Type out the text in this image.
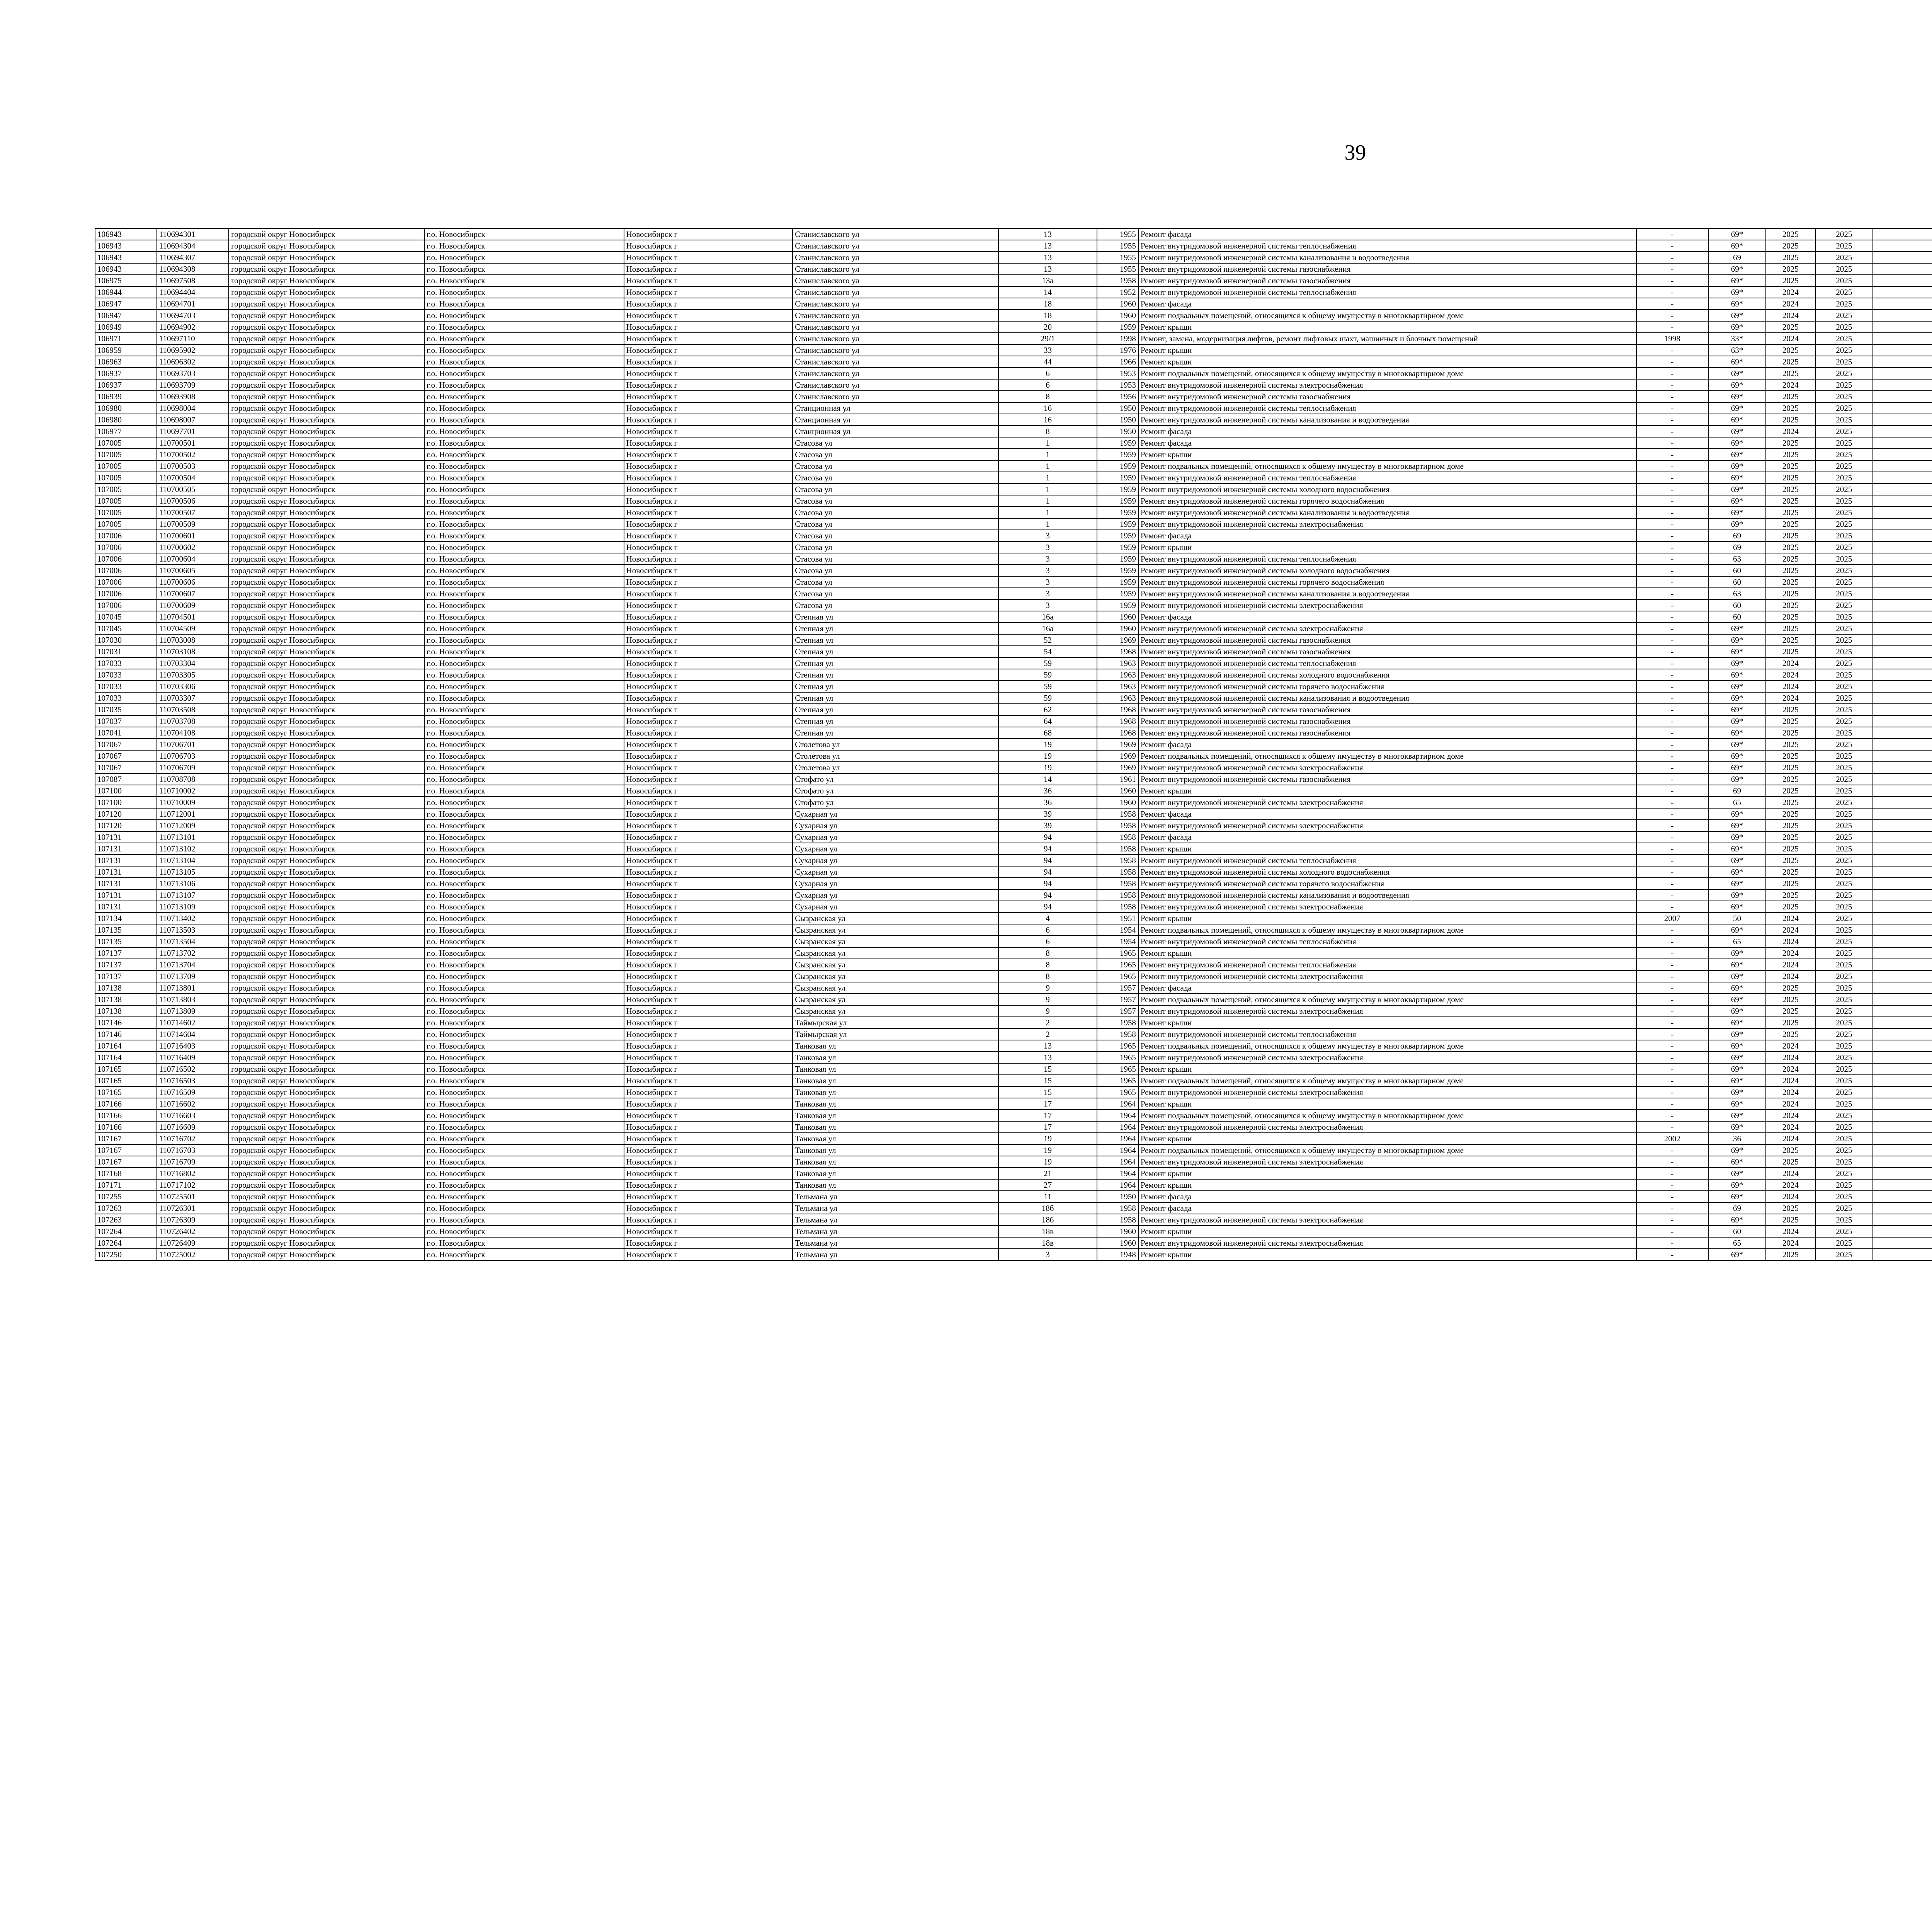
39
106943	110694301	городской округ Новосибирск	г.о. Новосибирск	Новосибирск г	Станиславского ул	13	1955	Ремонт фасада	-	69*	2025	2025							
106943	110694304	городской округ Новосибирск	г.о. Новосибирск	Новосибирск г	Станиславского ул	13	1955	Ремонт внутридомовой инженерной системы теплоснабжения	-	69*	2025	2025							
106943	110694307	городской округ Новосибирск	г.о. Новосибирск	Новосибирск г	Станиславского ул	13	1955	Ремонт внутридомовой инженерной системы канализования и водоотведения	-	69	2025	2025							
106943	110694308	городской округ Новосибирск	г.о. Новосибирск	Новосибирск г	Станиславского ул	13	1955	Ремонт внутридомовой инженерной системы газоснабжения	-	69*	2025	2025							
106975	110697508	городской округ Новосибирск	г.о. Новосибирск	Новосибирск г	Станиславского ул	13а	1958	Ремонт внутридомовой инженерной системы газоснабжения	-	69*	2025	2025							
106944	110694404	городской округ Новосибирск	г.о. Новосибирск	Новосибирск г	Станиславского ул	14	1952	Ремонт внутридомовой инженерной системы теплоснабжения	-	69*	2024	2025							
106947	110694701	городской округ Новосибирск	г.о. Новосибирск	Новосибирск г	Станиславского ул	18	1960	Ремонт фасада	-	69*	2024	2025							
106947	110694703	городской округ Новосибирск	г.о. Новосибирск	Новосибирск г	Станиславского ул	18	1960	Ремонт подвальных помещений, относящихся к общему имуществу в многоквартирном доме	-	69*	2024	2025							
106949	110694902	городской округ Новосибирск	г.о. Новосибирск	Новосибирск г	Станиславского ул	20	1959	Ремонт крыши	-	69*	2025	2025							
106971	110697110	городской округ Новосибирск	г.о. Новосибирск	Новосибирск г	Станиславского ул	29/1	1998	Ремонт, замена, модернизация лифтов, ремонт лифтовых шахт, машинных и блочных помещений	1998	33*	2024	2025							
106959	110695902	городской округ Новосибирск	г.о. Новосибирск	Новосибирск г	Станиславского ул	33	1976	Ремонт крыши	-	63*	2025	2025							
106963	110696302	городской округ Новосибирск	г.о. Новосибирск	Новосибирск г	Станиславского ул	44	1966	Ремонт крыши	-	69*	2025	2025							
106937	110693703	городской округ Новосибирск	г.о. Новосибирск	Новосибирск г	Станиславского ул	6	1953	Ремонт подвальных помещений, относящихся к общему имуществу в многоквартирном доме	-	69*	2025	2025							
106937	110693709	городской округ Новосибирск	г.о. Новосибирск	Новосибирск г	Станиславского ул	6	1953	Ремонт внутридомовой инженерной системы электроснабжения	-	69*	2024	2025							
106939	110693908	городской округ Новосибирск	г.о. Новосибирск	Новосибирск г	Станиславского ул	8	1956	Ремонт внутридомовой инженерной системы газоснабжения	-	69*	2025	2025							
106980	110698004	городской округ Новосибирск	г.о. Новосибирск	Новосибирск г	Станционная ул	16	1950	Ремонт внутридомовой инженерной системы теплоснабжения	-	69*	2025	2025							
106980	110698007	городской округ Новосибирск	г.о. Новосибирск	Новосибирск г	Станционная ул	16	1950	Ремонт внутридомовой инженерной системы канализования и водоотведения	-	69*	2025	2025							
106977	110697701	городской округ Новосибирск	г.о. Новосибирск	Новосибирск г	Станционная ул	8	1950	Ремонт фасада	-	69*	2024	2025							
107005	110700501	городской округ Новосибирск	г.о. Новосибирск	Новосибирск г	Стасова ул	1	1959	Ремонт фасада	-	69*	2025	2025							
107005	110700502	городской округ Новосибирск	г.о. Новосибирск	Новосибирск г	Стасова ул	1	1959	Ремонт крыши	-	69*	2025	2025							
107005	110700503	городской округ Новосибирск	г.о. Новосибирск	Новосибирск г	Стасова ул	1	1959	Ремонт подвальных помещений, относящихся к общему имуществу в многоквартирном доме	-	69*	2025	2025							
107005	110700504	городской округ Новосибирск	г.о. Новосибирск	Новосибирск г	Стасова ул	1	1959	Ремонт внутридомовой инженерной системы теплоснабжения	-	69*	2025	2025							
107005	110700505	городской округ Новосибирск	г.о. Новосибирск	Новосибирск г	Стасова ул	1	1959	Ремонт внутридомовой инженерной системы холодного водоснабжения	-	69*	2025	2025							
107005	110700506	городской округ Новосибирск	г.о. Новосибирск	Новосибирск г	Стасова ул	1	1959	Ремонт внутридомовой инженерной системы горячего водоснабжения	-	69*	2025	2025							
107005	110700507	городской округ Новосибирск	г.о. Новосибирск	Новосибирск г	Стасова ул	1	1959	Ремонт внутридомовой инженерной системы канализования и водоотведения	-	69*	2025	2025							
107005	110700509	городской округ Новосибирск	г.о. Новосибирск	Новосибирск г	Стасова ул	1	1959	Ремонт внутридомовой инженерной системы электроснабжения	-	69*	2025	2025							
107006	110700601	городской округ Новосибирск	г.о. Новосибирск	Новосибирск г	Стасова ул	3	1959	Ремонт фасада	-	69	2025	2025							
107006	110700602	городской округ Новосибирск	г.о. Новосибирск	Новосибирск г	Стасова ул	3	1959	Ремонт крыши	-	69	2025	2025							
107006	110700604	городской округ Новосибирск	г.о. Новосибирск	Новосибирск г	Стасова ул	3	1959	Ремонт внутридомовой инженерной системы теплоснабжения	-	63	2025	2025							
107006	110700605	городской округ Новосибирск	г.о. Новосибирск	Новосибирск г	Стасова ул	3	1959	Ремонт внутридомовой инженерной системы холодного водоснабжения	-	60	2025	2025							
107006	110700606	городской округ Новосибирск	г.о. Новосибирск	Новосибирск г	Стасова ул	3	1959	Ремонт внутридомовой инженерной системы горячего водоснабжения	-	60	2025	2025							
107006	110700607	городской округ Новосибирск	г.о. Новосибирск	Новосибирск г	Стасова ул	3	1959	Ремонт внутридомовой инженерной системы канализования и водоотведения	-	63	2025	2025							
107006	110700609	городской округ Новосибирск	г.о. Новосибирск	Новосибирск г	Стасова ул	3	1959	Ремонт внутридомовой инженерной системы электроснабжения	-	60	2025	2025							
107045	110704501	городской округ Новосибирск	г.о. Новосибирск	Новосибирск г	Степная ул	16а	1960	Ремонт фасада	-	60	2025	2025							
107045	110704509	городской округ Новосибирск	г.о. Новосибирск	Новосибирск г	Степная ул	16а	1960	Ремонт внутридомовой инженерной системы электроснабжения	-	69*	2025	2025							
107030	110703008	городской округ Новосибирск	г.о. Новосибирск	Новосибирск г	Степная ул	52	1969	Ремонт внутридомовой инженерной системы газоснабжения	-	69*	2025	2025							
107031	110703108	городской округ Новосибирск	г.о. Новосибирск	Новосибирск г	Степная ул	54	1968	Ремонт внутридомовой инженерной системы газоснабжения	-	69*	2025	2025							
107033	110703304	городской округ Новосибирск	г.о. Новосибирск	Новосибирск г	Степная ул	59	1963	Ремонт внутридомовой инженерной системы теплоснабжения	-	69*	2024	2025							
107033	110703305	городской округ Новосибирск	г.о. Новосибирск	Новосибирск г	Степная ул	59	1963	Ремонт внутридомовой инженерной системы холодного водоснабжения	-	69*	2024	2025							
107033	110703306	городской округ Новосибирск	г.о. Новосибирск	Новосибирск г	Степная ул	59	1963	Ремонт внутридомовой инженерной системы горячего водоснабжения	-	69*	2024	2025							
107033	110703307	городской округ Новосибирск	г.о. Новосибирск	Новосибирск г	Степная ул	59	1963	Ремонт внутридомовой инженерной системы канализования и водоотведения	-	69*	2024	2025							
107035	110703508	городской округ Новосибирск	г.о. Новосибирск	Новосибирск г	Степная ул	62	1968	Ремонт внутридомовой инженерной системы газоснабжения	-	69*	2025	2025							
107037	110703708	городской округ Новосибирск	г.о. Новосибирск	Новосибирск г	Степная ул	64	1968	Ремонт внутридомовой инженерной системы газоснабжения	-	69*	2025	2025							
107041	110704108	городской округ Новосибирск	г.о. Новосибирск	Новосибирск г	Степная ул	68	1968	Ремонт внутридомовой инженерной системы газоснабжения	-	69*	2025	2025							
107067	110706701	городской округ Новосибирск	г.о. Новосибирск	Новосибирск г	Столетова ул	19	1969	Ремонт фасада	-	69*	2025	2025							
107067	110706703	городской округ Новосибирск	г.о. Новосибирск	Новосибирск г	Столетова ул	19	1969	Ремонт подвальных помещений, относящихся к общему имуществу в многоквартирном доме	-	69*	2025	2025							
107067	110706709	городской округ Новосибирск	г.о. Новосибирск	Новосибирск г	Столетова ул	19	1969	Ремонт внутридомовой инженерной системы электроснабжения	-	69*	2025	2025							
107087	110708708	городской округ Новосибирск	г.о. Новосибирск	Новосибирск г	Стофато ул	14	1961	Ремонт внутридомовой инженерной системы газоснабжения	-	69*	2025	2025							
107100	110710002	городской округ Новосибирск	г.о. Новосибирск	Новосибирск г	Стофато ул	36	1960	Ремонт крыши	-	69	2025	2025							
107100	110710009	городской округ Новосибирск	г.о. Новосибирск	Новосибирск г	Стофато ул	36	1960	Ремонт внутридомовой инженерной системы электроснабжения	-	65	2025	2025							
107120	110712001	городской округ Новосибирск	г.о. Новосибирск	Новосибирск г	Сухарная ул	39	1958	Ремонт фасада	-	69*	2025	2025							
107120	110712009	городской округ Новосибирск	г.о. Новосибирск	Новосибирск г	Сухарная ул	39	1958	Ремонт внутридомовой инженерной системы электроснабжения	-	69*	2025	2025							
107131	110713101	городской округ Новосибирск	г.о. Новосибирск	Новосибирск г	Сухарная ул	94	1958	Ремонт фасада	-	69*	2025	2025							
107131	110713102	городской округ Новосибирск	г.о. Новосибирск	Новосибирск г	Сухарная ул	94	1958	Ремонт крыши	-	69*	2025	2025							
107131	110713104	городской округ Новосибирск	г.о. Новосибирск	Новосибирск г	Сухарная ул	94	1958	Ремонт внутридомовой инженерной системы теплоснабжения	-	69*	2025	2025							
107131	110713105	городской округ Новосибирск	г.о. Новосибирск	Новосибирск г	Сухарная ул	94	1958	Ремонт внутридомовой инженерной системы холодного водоснабжения	-	69*	2025	2025							
107131	110713106	городской округ Новосибирск	г.о. Новосибирск	Новосибирск г	Сухарная ул	94	1958	Ремонт внутридомовой инженерной системы горячего водоснабжения	-	69*	2025	2025							
107131	110713107	городской округ Новосибирск	г.о. Новосибирск	Новосибирск г	Сухарная ул	94	1958	Ремонт внутридомовой инженерной системы канализования и водоотведения	-	69*	2025	2025							
107131	110713109	городской округ Новосибирск	г.о. Новосибирск	Новосибирск г	Сухарная ул	94	1958	Ремонт внутридомовой инженерной системы электроснабжения	-	69*	2025	2025							
107134	110713402	городской округ Новосибирск	г.о. Новосибирск	Новосибирск г	Сызранская ул	4	1951	Ремонт крыши	2007	50	2024	2025							
107135	110713503	городской округ Новосибирск	г.о. Новосибирск	Новосибирск г	Сызранская ул	6	1954	Ремонт подвальных помещений, относящихся к общему имуществу в многоквартирном доме	-	69*	2024	2025							
107135	110713504	городской округ Новосибирск	г.о. Новосибирск	Новосибирск г	Сызранская ул	6	1954	Ремонт внутридомовой инженерной системы теплоснабжения	-	65	2024	2025							
107137	110713702	городской округ Новосибирск	г.о. Новосибирск	Новосибирск г	Сызранская ул	8	1965	Ремонт крыши	-	69*	2024	2025							
107137	110713704	городской округ Новосибирск	г.о. Новосибирск	Новосибирск г	Сызранская ул	8	1965	Ремонт внутридомовой инженерной системы теплоснабжения	-	69*	2024	2025							
107137	110713709	городской округ Новосибирск	г.о. Новосибирск	Новосибирск г	Сызранская ул	8	1965	Ремонт внутридомовой инженерной системы электроснабжения	-	69*	2024	2025							
107138	110713801	городской округ Новосибирск	г.о. Новосибирск	Новосибирск г	Сызранская ул	9	1957	Ремонт фасада	-	69*	2025	2025							
107138	110713803	городской округ Новосибирск	г.о. Новосибирск	Новосибирск г	Сызранская ул	9	1957	Ремонт подвальных помещений, относящихся к общему имуществу в многоквартирном доме	-	69*	2025	2025							
107138	110713809	городской округ Новосибирск	г.о. Новосибирск	Новосибирск г	Сызранская ул	9	1957	Ремонт внутридомовой инженерной системы электроснабжения	-	69*	2025	2025							
107146	110714602	городской округ Новосибирск	г.о. Новосибирск	Новосибирск г	Таймырская ул	2	1958	Ремонт крыши	-	69*	2025	2025							
107146	110714604	городской округ Новосибирск	г.о. Новосибирск	Новосибирск г	Таймырская ул	2	1958	Ремонт внутридомовой инженерной системы теплоснабжения	-	69*	2025	2025							
107164	110716403	городской округ Новосибирск	г.о. Новосибирск	Новосибирск г	Танковая ул	13	1965	Ремонт подвальных помещений, относящихся к общему имуществу в многоквартирном доме	-	69*	2024	2025							
107164	110716409	городской округ Новосибирск	г.о. Новосибирск	Новосибирск г	Танковая ул	13	1965	Ремонт внутридомовой инженерной системы электроснабжения	-	69*	2024	2025							
107165	110716502	городской округ Новосибирск	г.о. Новосибирск	Новосибирск г	Танковая ул	15	1965	Ремонт крыши	-	69*	2024	2025							
107165	110716503	городской округ Новосибирск	г.о. Новосибирск	Новосибирск г	Танковая ул	15	1965	Ремонт подвальных помещений, относящихся к общему имуществу в многоквартирном доме	-	69*	2024	2025							
107165	110716509	городской округ Новосибирск	г.о. Новосибирск	Новосибирск г	Танковая ул	15	1965	Ремонт внутридомовой инженерной системы электроснабжения	-	69*	2024	2025							
107166	110716602	городской округ Новосибирск	г.о. Новосибирск	Новосибирск г	Танковая ул	17	1964	Ремонт крыши	-	69*	2024	2025							
107166	110716603	городской округ Новосибирск	г.о. Новосибирск	Новосибирск г	Танковая ул	17	1964	Ремонт подвальных помещений, относящихся к общему имуществу в многоквартирном доме	-	69*	2024	2025							
107166	110716609	городской округ Новосибирск	г.о. Новосибирск	Новосибирск г	Танковая ул	17	1964	Ремонт внутридомовой инженерной системы электроснабжения	-	69*	2024	2025							
107167	110716702	городской округ Новосибирск	г.о. Новосибирск	Новосибирск г	Танковая ул	19	1964	Ремонт крыши	2002	36	2024	2025							
107167	110716703	городской округ Новосибирск	г.о. Новосибирск	Новосибирск г	Танковая ул	19	1964	Ремонт подвальных помещений, относящихся к общему имуществу в многоквартирном доме	-	69*	2025	2025							
107167	110716709	городской округ Новосибирск	г.о. Новосибирск	Новосибирск г	Танковая ул	19	1964	Ремонт внутридомовой инженерной системы электроснабжения	-	69*	2025	2025							
107168	110716802	городской округ Новосибирск	г.о. Новосибирск	Новосибирск г	Танковая ул	21	1964	Ремонт крыши	-	69*	2024	2025							
107171	110717102	городской округ Новосибирск	г.о. Новосибирск	Новосибирск г	Танковая ул	27	1964	Ремонт крыши	-	69*	2024	2025							
107255	110725501	городской округ Новосибирск	г.о. Новосибирск	Новосибирск г	Тельмана ул	11	1950	Ремонт фасада	-	69*	2024	2025							
107263	110726301	городской округ Новосибирск	г.о. Новосибирск	Новосибирск г	Тельмана ул	18б	1958	Ремонт фасада	-	69	2025	2025							
107263	110726309	городской округ Новосибирск	г.о. Новосибирск	Новосибирск г	Тельмана ул	18б	1958	Ремонт внутридомовой инженерной системы электроснабжения	-	69*	2025	2025							
107264	110726402	городской округ Новосибирск	г.о. Новосибирск	Новосибирск г	Тельмана ул	18в	1960	Ремонт крыши	-	60	2024	2025							
107264	110726409	городской округ Новосибирск	г.о. Новосибирск	Новосибирск г	Тельмана ул	18в	1960	Ремонт внутридомовой инженерной системы электроснабжения	-	65	2024	2025							
107250	110725002	городской округ Новосибирск	г.о. Новосибирск	Новосибирск г	Тельмана ул	3	1948	Ремонт крыши	-	69*	2025	2025							
